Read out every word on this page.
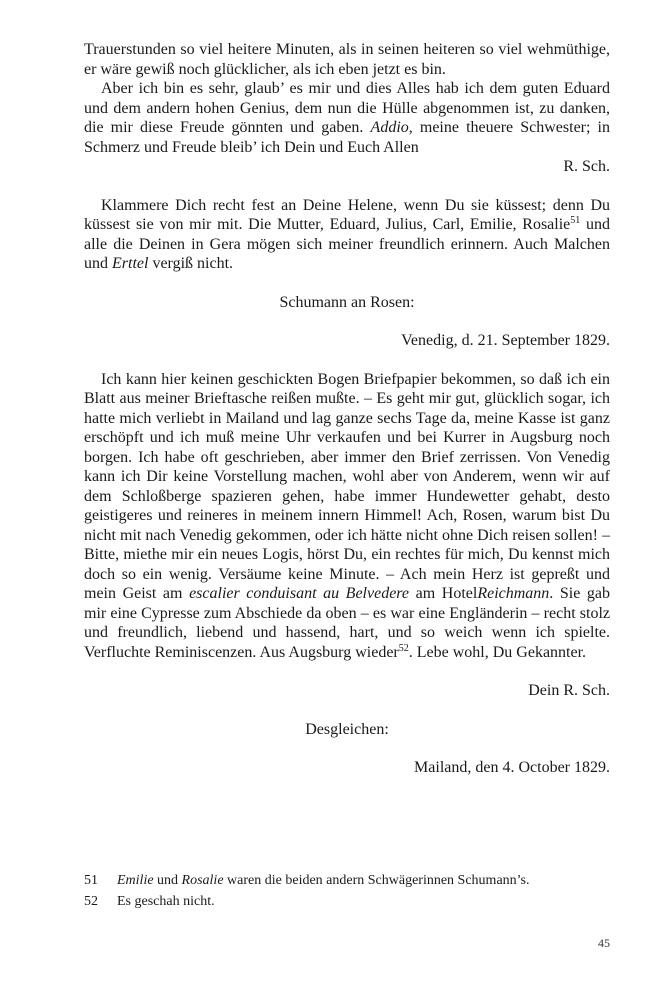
Trauerstunden so viel heitere Minuten, als in seinen heiteren so viel wehmüthige, er wäre gewiß noch glücklicher, als ich eben jetzt es bin.

Aber ich bin es sehr, glaub’ es mir und dies Alles hab ich dem guten Eduard und dem andern hohen Genius, dem nun die Hülle abgenommen ist, zu danken, die mir diese Freude gönnten und gaben. Addio, meine theuere Schwester; in Schmerz und Freude bleib’ ich Dein und Euch Allen

R. Sch.

Klammere Dich recht fest an Deine Helene, wenn Du sie küssest; denn Du küssest sie von mir mit. Die Mutter, Eduard, Julius, Carl, Emilie, Rosalie$^{51}$ und alle die Deinen in Gera mögen sich meiner freundlich erinnern. Auch Malchen und Erttel vergiß nicht.

Schumann an Rosen:

Venedig, d. 21. September 1829.

Ich kann hier keinen geschickten Bogen Briefpapier bekommen, so daß ich ein Blatt aus meiner Brieftasche reißen mußte. – Es geht mir gut, glücklich sogar, ich hatte mich verliebt in Mailand und lag ganze sechs Tage da, meine Kasse ist ganz erschöpft und ich muß meine Uhr verkaufen und bei Kurrer in Augsburg noch borgen. Ich habe oft geschrieben, aber immer den Brief zerrissen. Von Venedig kann ich Dir keine Vorstellung machen, wohl aber von Anderem, wenn wir auf dem Schloßberge spazieren gehen, habe immer Hundewetter gehabt, desto geistigeres und reineres in meinem innern Himmel! Ach, Rosen, warum bist Du nicht mit nach Venedig gekommen, oder ich hätte nicht ohne Dich reisen sollen! – Bitte, miethe mir ein neues Logis, hörst Du, ein rechtes für mich, Du kennst mich doch so ein wenig. Versäume keine Minute. – Ach mein Herz ist gepreßt und mein Geist am escalier conduisant au Belvedere am HotelReichmann. Sie gab mir eine Cypresse zum Abschiede da oben – es war eine Engländerin – recht stolz und freundlich, liebend und hassend, hart, und so weich wenn ich spielte. Verfluchte Reminiscenzen. Aus Augsburg wieder$^{52}$. Lebe wohl, Du Gekannter.

Dein R. Sch.

Desgleichen:

Mailand, den 4. October 1829.

51	Emilie und Rosalie waren die beiden andern Schwägerinnen Schumann’s.
52	Es geschah nicht.
45
